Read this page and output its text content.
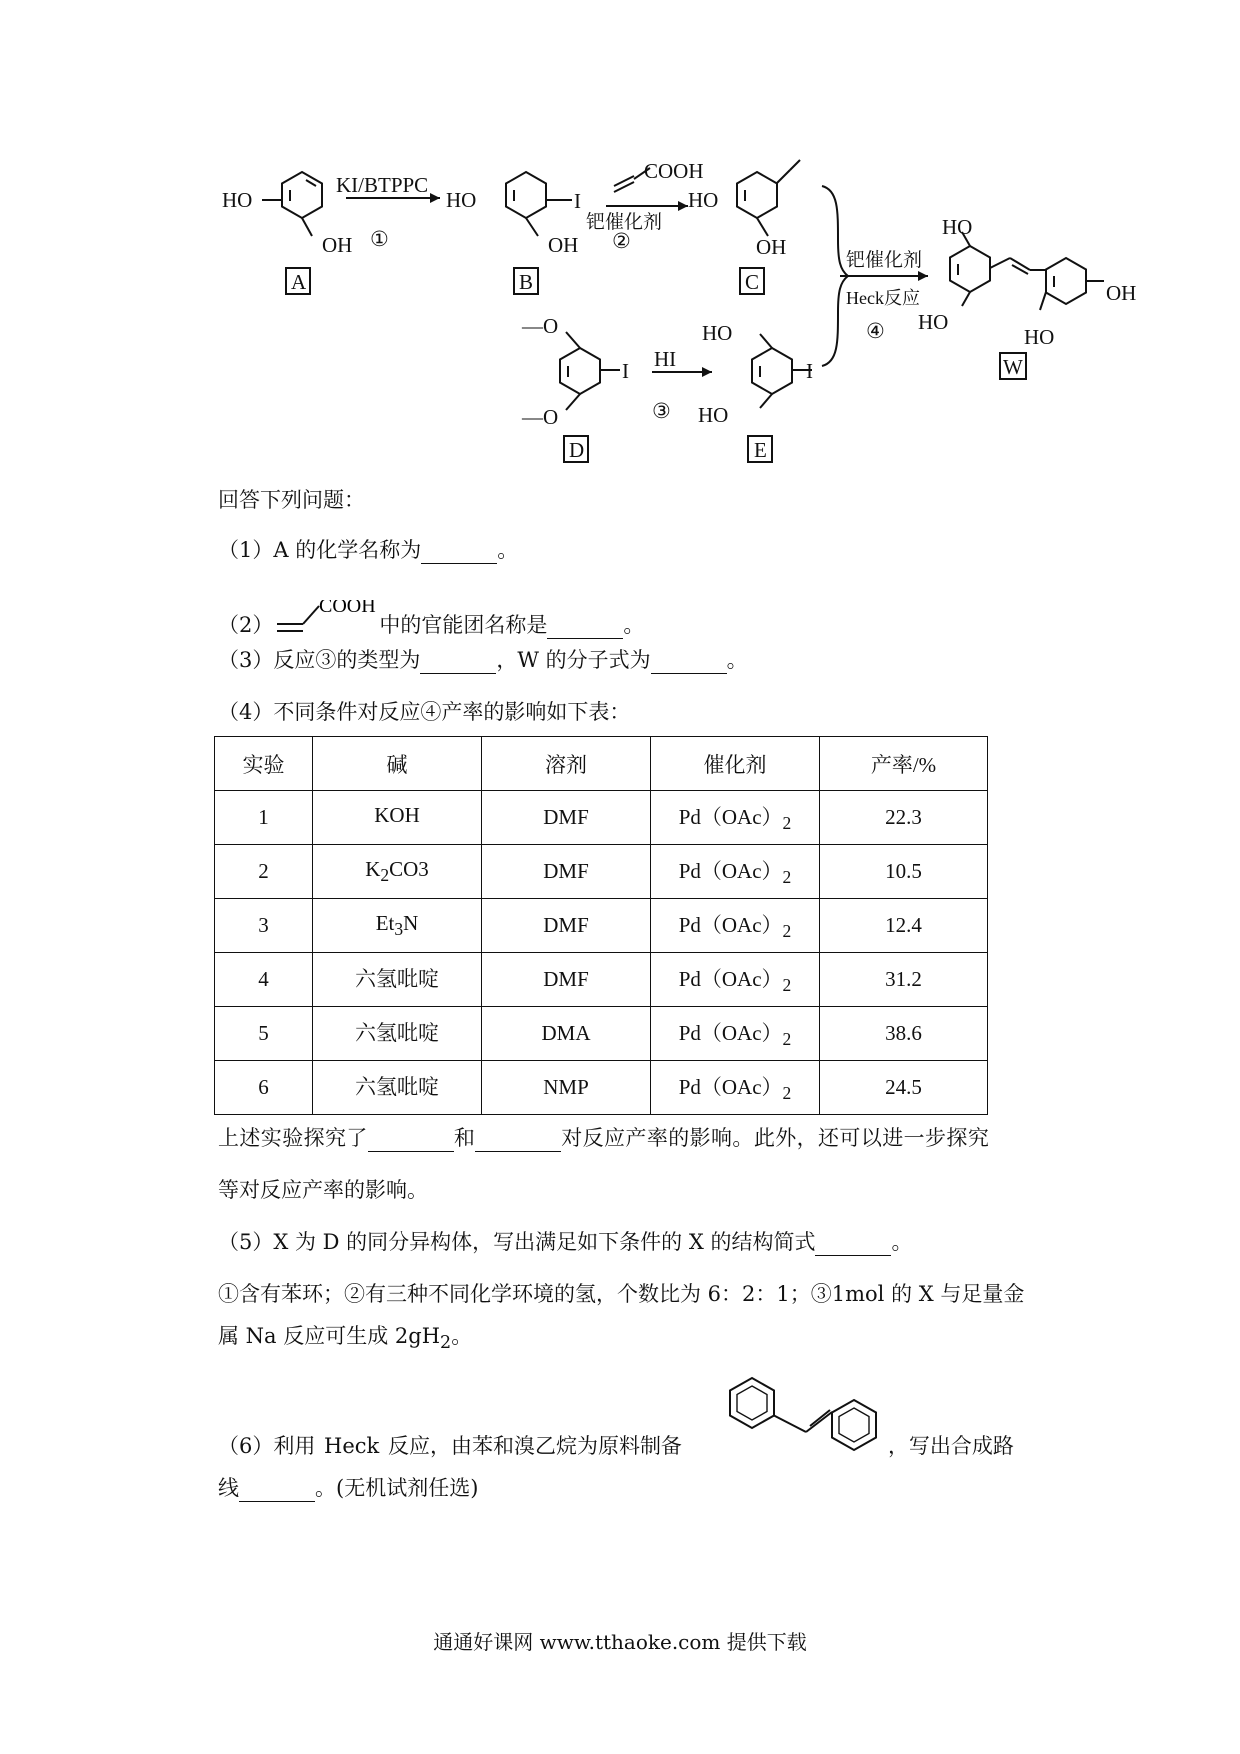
HO
OH
KI/BTPPC
①
HO
OH
I
COOH
钯催化剂
②
HO
OH
钯催化剂
Heck反应
④
HO
HO
OH
HO
—O
—O
I HI
③
HO
HO
I
A	B	C
D	E
W
回答下列问题：
（1）A 的化学名称为	。
（2）
COOH
中的官能团名称是	。
（3）反应③的类型为	，W 的分子式为	。
（4）不同条件对反应④产率的影响如下表：
实验	碱	溶剂	催化剂	产率/%
1	KOH	DMF	$Pd(OAc)_2$	22.3
2	$K_2CO3$	DMF	$Pd(OAc)_2$	10.5
3	$Et_3N$	DMF	$Pd(OAc)_2$	12.4
4	六氢吡啶	DMF	$Pd(OAc)_2$	31.2
5	六氢吡啶	DMA	$Pd(OAc)_2$	38.6
6	六氢吡啶	NMP	$Pd(OAc)_2$	24.5
上述实验探究了	和	对反应产率的影响。此外，还可以进一步探究
等对反应产率的影响。
（5）X 为 D 的同分异构体，写出满足如下条件的 X 的结构简式	。
①含有苯环；②有三种不同化学环境的氢，个数比为 6：2：1；③1mol 的 X 与足量金
属 Na 反应可生成 $2gH_2$。
（6）利用 Heck 反应，由苯和溴乙烷为原料制备	，写出合成路
线	。(无机试剂任选)
通通好课网 www.tthaoke.com 提供下载
